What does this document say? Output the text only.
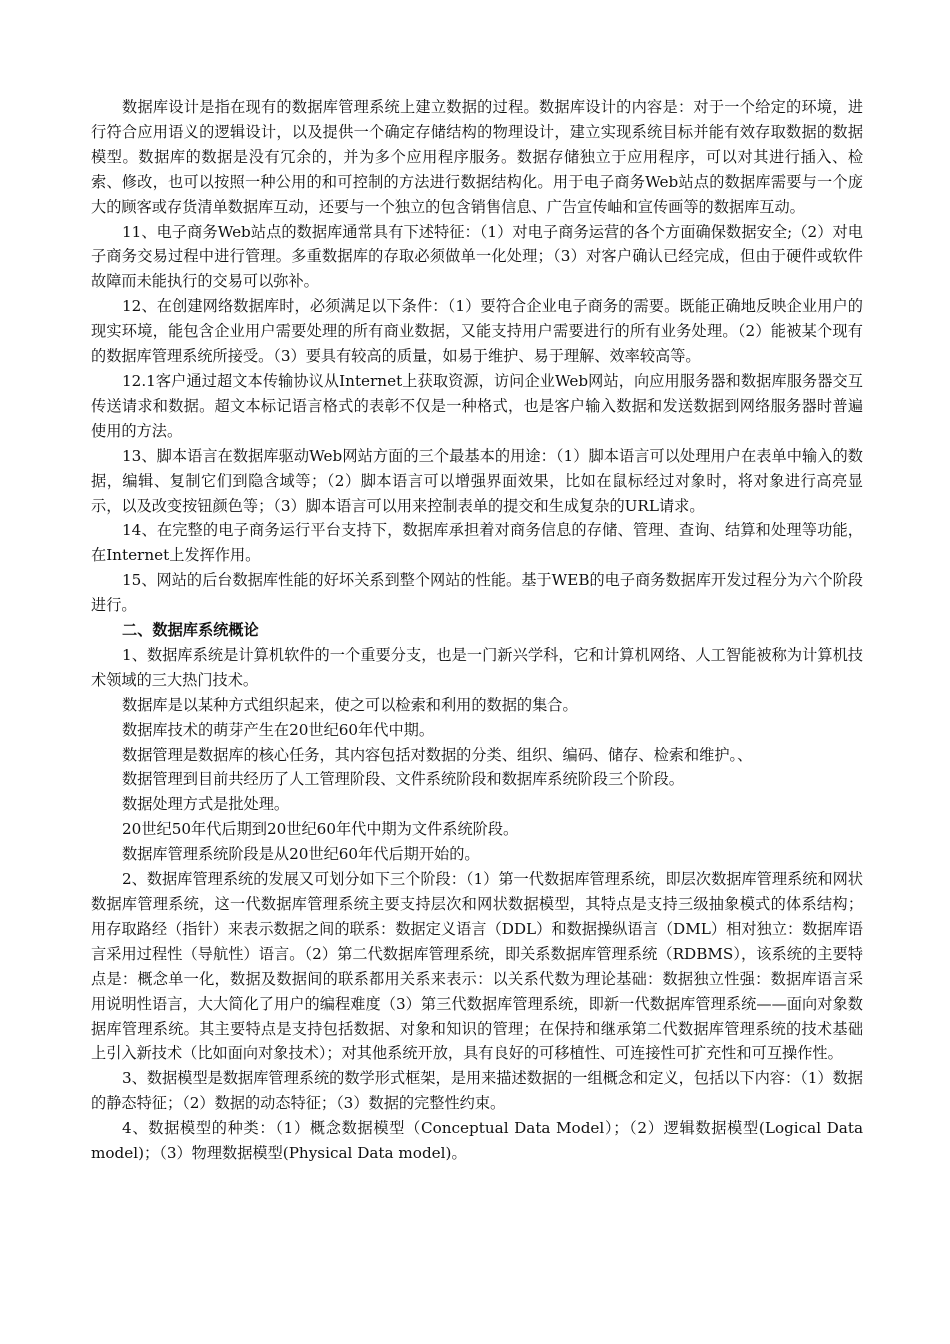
数据库设计是指在现有的数据库管理系统上建立数据的过程。数据库设计的内容是：对于一个给定的环境，进行符合应用语义的逻辑设计，以及提供一个确定存储结构的物理设计，建立实现系统目标并能有效存取数据的数据模型。数据库的数据是没有冗余的，并为多个应用程序服务。数据存储独立于应用程序，可以对其进行插入、检索、修改，也可以按照一种公用的和可控制的方法进行数据结构化。用于电子商务Web站点的数据库需要与一个庞大的顾客或存货清单数据库互动，还要与一个独立的包含销售信息、广告宣传岫和宣传画等的数据库互动。

11、电子商务Web站点的数据库通常具有下述特征：（1）对电子商务运营的各个方面确保数据安全;（2）对电子商务交易过程中进行管理。多重数据库的存取必须做单一化处理；（3）对客户确认已经完成，但由于硬件或软件故障而未能执行的交易可以弥补。

12、在创建网络数据库时，必须满足以下条件：（1）要符合企业电子商务的需要。既能正确地反映企业用户的现实环境，能包含企业用户需要处理的所有商业数据，又能支持用户需要进行的所有业务处理。（2）能被某个现有的数据库管理系统所接受。（3）要具有较高的质量，如易于维护、易于理解、效率较高等。

12.1客户通过超文本传输协议从Internet上获取资源，访问企业Web网站，向应用服务器和数据库服务器交互传送请求和数据。超文本标记语言格式的表彰不仅是一种格式，也是客户输入数据和发送数据到网络服务器时普遍使用的方法。

13、脚本语言在数据库驱动Web网站方面的三个最基本的用途：（1）脚本语言可以处理用户在表单中输入的数据，编辑、复制它们到隐含域等；（2）脚本语言可以增强界面效果，比如在鼠标经过对象时，将对象进行高亮显示，以及改变按钮颜色等；（3）脚本语言可以用来控制表单的提交和生成复杂的URL请求。

14、在完整的电子商务运行平台支持下，数据库承担着对商务信息的存储、管理、查询、结算和处理等功能，在Internet上发挥作用。

15、网站的后台数据库性能的好坏关系到整个网站的性能。基于WEB的电子商务数据库开发过程分为六个阶段进行。

二、数据库系统概论

1、数据库系统是计算机软件的一个重要分支，也是一门新兴学科，它和计算机网络、人工智能被称为计算机技术领域的三大热门技术。

数据库是以某种方式组织起来，使之可以检索和利用的数据的集合。

数据库技术的萌芽产生在20世纪60年代中期。

数据管理是数据库的核心任务，其内容包括对数据的分类、组织、编码、储存、检索和维护。、

数据管理到目前共经历了人工管理阶段、文件系统阶段和数据库系统阶段三个阶段。

数据处理方式是批处理。

20世纪50年代后期到20世纪60年代中期为文件系统阶段。

数据库管理系统阶段是从20世纪60年代后期开始的。

2、数据库管理系统的发展又可划分如下三个阶段：（1）第一代数据库管理系统，即层次数据库管理系统和网状数据库管理系统，这一代数据库管理系统主要支持层次和网状数据模型，其特点是支持三级抽象模式的体系结构；用存取路经（指针）来表示数据之间的联系：数据定义语言（DDL）和数据操纵语言（DML）相对独立：数据库语言采用过程性（导航性）语言。（2）第二代数据库管理系统，即关系数据库管理系统（RDBMS），该系统的主要特点是：概念单一化，数据及数据间的联系都用关系来表示：以关系代数为理论基础：数据独立性强：数据库语言采用说明性语言，大大简化了用户的编程难度（3）第三代数据库管理系统，即新一代数据库管理系统——面向对象数据库管理系统。其主要特点是支持包括数据、对象和知识的管理；在保持和继承第二代数据库管理系统的技术基础上引入新技术（比如面向对象技术）；对其他系统开放，具有良好的可移植性、可连接性可扩充性和可互操作性。

3、数据模型是数据库管理系统的数学形式框架，是用来描述数据的一组概念和定义，包括以下内容：（1）数据的静态特征；（2）数据的动态特征；（3）数据的完整性约束。

4、数据模型的种类：（1）概念数据模型（Conceptual Data Model）；（2）逻辑数据模型(Logical Data model)；（3）物理数据模型(Physical Data model)。
